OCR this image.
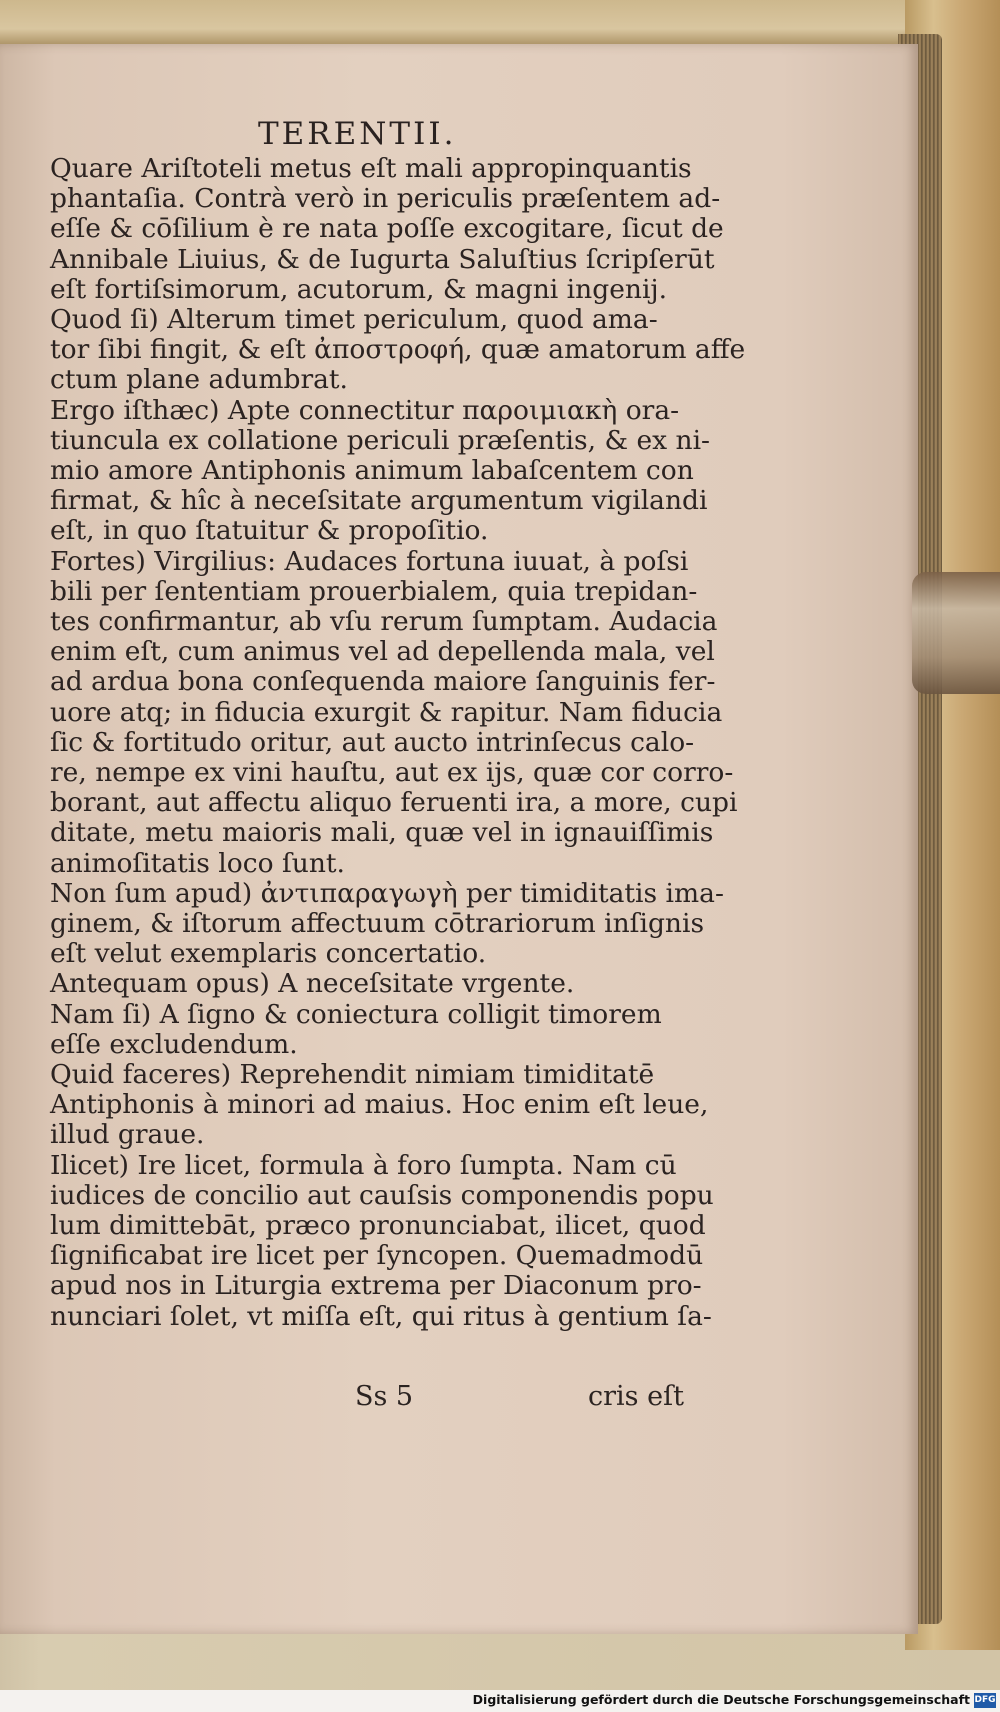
TERENTII.
Quare Ariſtoteli metus eſt mali appropinquantis
phantaſia. Contrà verò in periculis præſentem ad-
eſſe & cōſilium è re nata poſſe excogitare, ſicut de
Annibale Liuius, & de Iugurta Saluſtius ſcripſerūt
eſt fortiſsimorum, acutorum, & magni ingenij.
Quod ſi) Alterum timet periculum, quod ama-
tor ſibi fingit, & eſt ἀποστροφή, quæ amatorum affe
ctum plane adumbrat.
Ergo iſthæc) Apte connectitur παροιμιακὴ ora-
tiuncula ex collatione periculi præſentis, & ex ni-
mio amore Antiphonis animum labaſcentem con
firmat, & hîc à neceſsitate argumentum vigilandi
eſt, in quo ſtatuitur & propoſitio.
Fortes) Virgilius: Audaces fortuna iuuat, à poſsi
bili per ſententiam prouerbialem, quia trepidan-
tes confirmantur, ab vſu rerum ſumptam. Audacia
enim eſt, cum animus vel ad depellenda mala, vel
ad ardua bona conſequenda maiore ſanguinis fer-
uore atq; in fiducia exurgit & rapitur. Nam fiducia
ſic & fortitudo oritur, aut aucto intrinſecus calo-
re, nempe ex vini hauſtu, aut ex ijs, quæ cor corro-
borant, aut affectu aliquo feruenti ira, a more, cupi
ditate, metu maioris mali, quæ vel in ignauiſſimis
animoſitatis loco ſunt.
Non ſum apud) ἀντιπαραγωγὴ per timiditatis ima-
ginem, & iſtorum affectuum cōtrariorum inſignis
eſt velut exemplaris concertatio.
Antequam opus) A neceſsitate vrgente.
Nam ſi) A ſigno & coniectura colligit timorem
eſſe excludendum.
Quid faceres) Reprehendit nimiam timiditatē
Antiphonis à minori ad maius. Hoc enim eſt leue,
illud graue.
Ilicet) Ire licet, formula à foro ſumpta. Nam cū
iudices de concilio aut cauſsis componendis popu
lum dimittebāt, præco pronunciabat, ilicet, quod
ſignificabat ire licet per ſyncopen. Quemadmodū
apud nos in Liturgia extrema per Diaconum pro-
nunciari ſolet, vt miſſa eſt, qui ritus à gentium ſa-
Ss 5	cris eſt
Digitalisierung gefördert durch die Deutsche Forschungsgemeinschaft DFG
